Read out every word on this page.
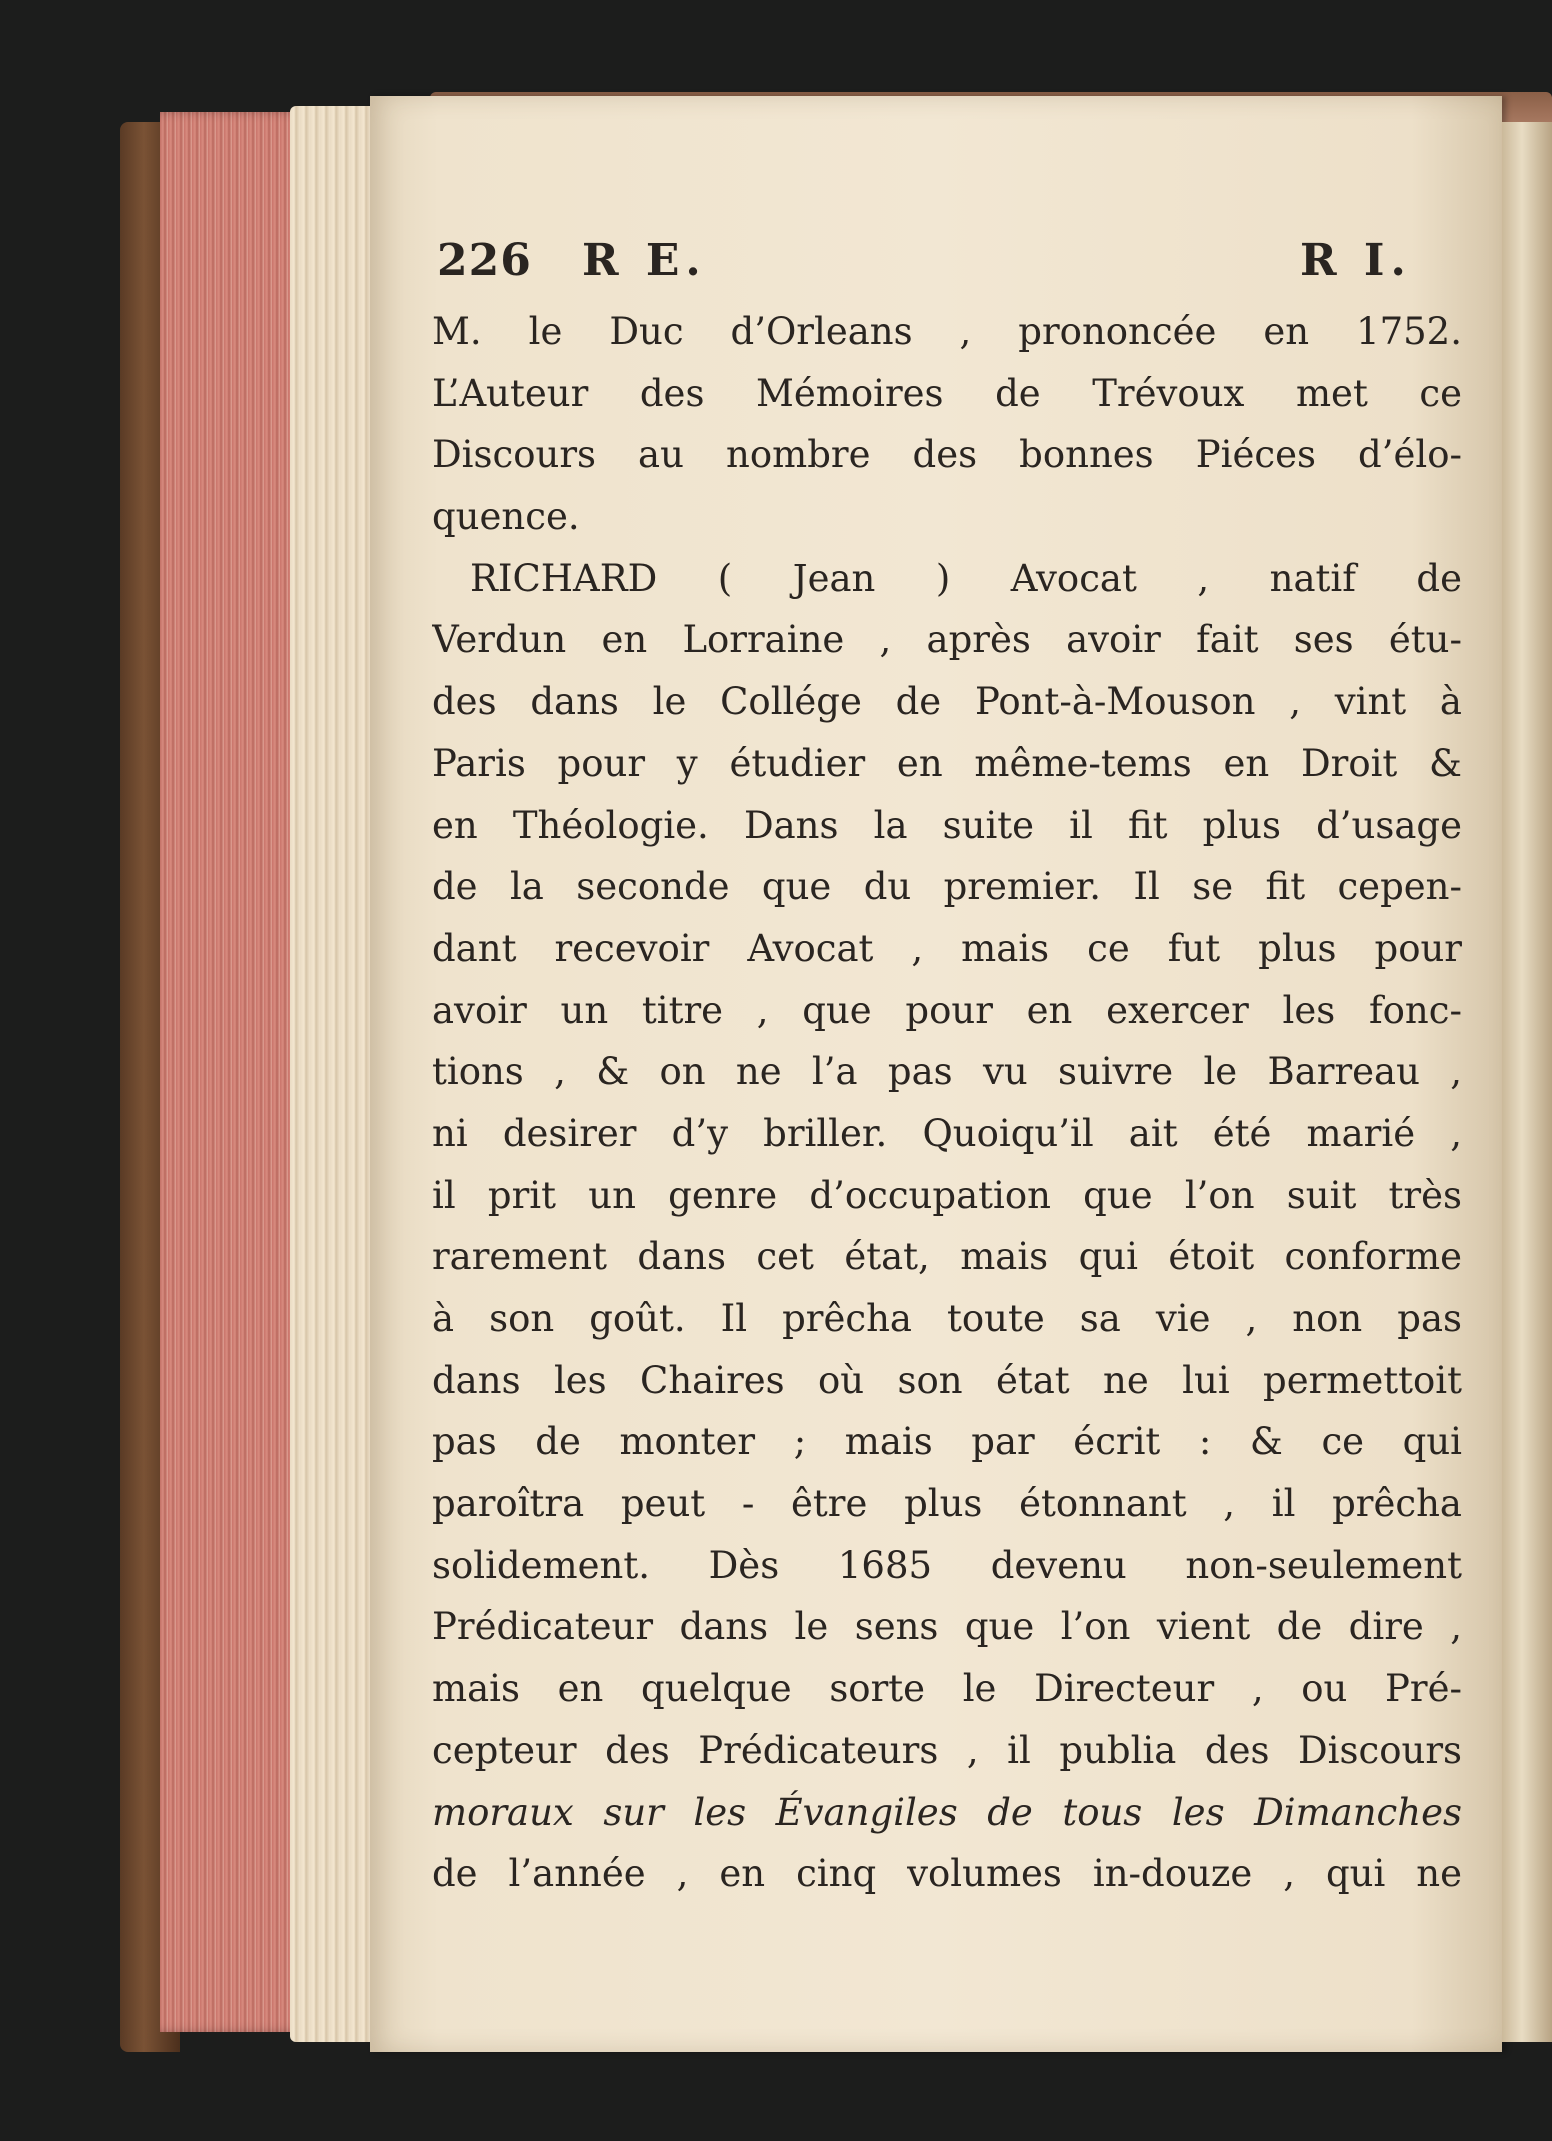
226 R E.	R I.
M. le Duc d’Orleans , prononcée en 1752.
L’Auteur des Mémoires de Trévoux met ce
Discours au nombre des bonnes Piéces d’élo-
quence.
RICHARD ( Jean ) Avocat , natif de
Verdun en Lorraine , après avoir fait ses étu-
des dans le Collége de Pont-à-Mouson , vint à
Paris pour y étudier en même-tems en Droit &
en Théologie. Dans la suite il fit plus d’usage
de la seconde que du premier. Il se fit cepen-
dant recevoir Avocat , mais ce fut plus pour
avoir un titre , que pour en exercer les fonc-
tions , & on ne l’a pas vu suivre le Barreau ,
ni desirer d’y briller. Quoiqu’il ait été marié ,
il prit un genre d’occupation que l’on suit très
rarement dans cet état, mais qui étoit conforme
à son goût. Il prêcha toute sa vie , non pas
dans les Chaires où son état ne lui permettoit
pas de monter ; mais par écrit : & ce qui
paroîtra peut - être plus étonnant , il prêcha
solidement. Dès 1685 devenu non-seulement
Prédicateur dans le sens que l’on vient de dire ,
mais en quelque sorte le Directeur , ou Pré-
cepteur des Prédicateurs , il publia des Discours
moraux sur les Évangiles de tous les Dimanches
de l’année , en cinq volumes in-douze , qui ne
